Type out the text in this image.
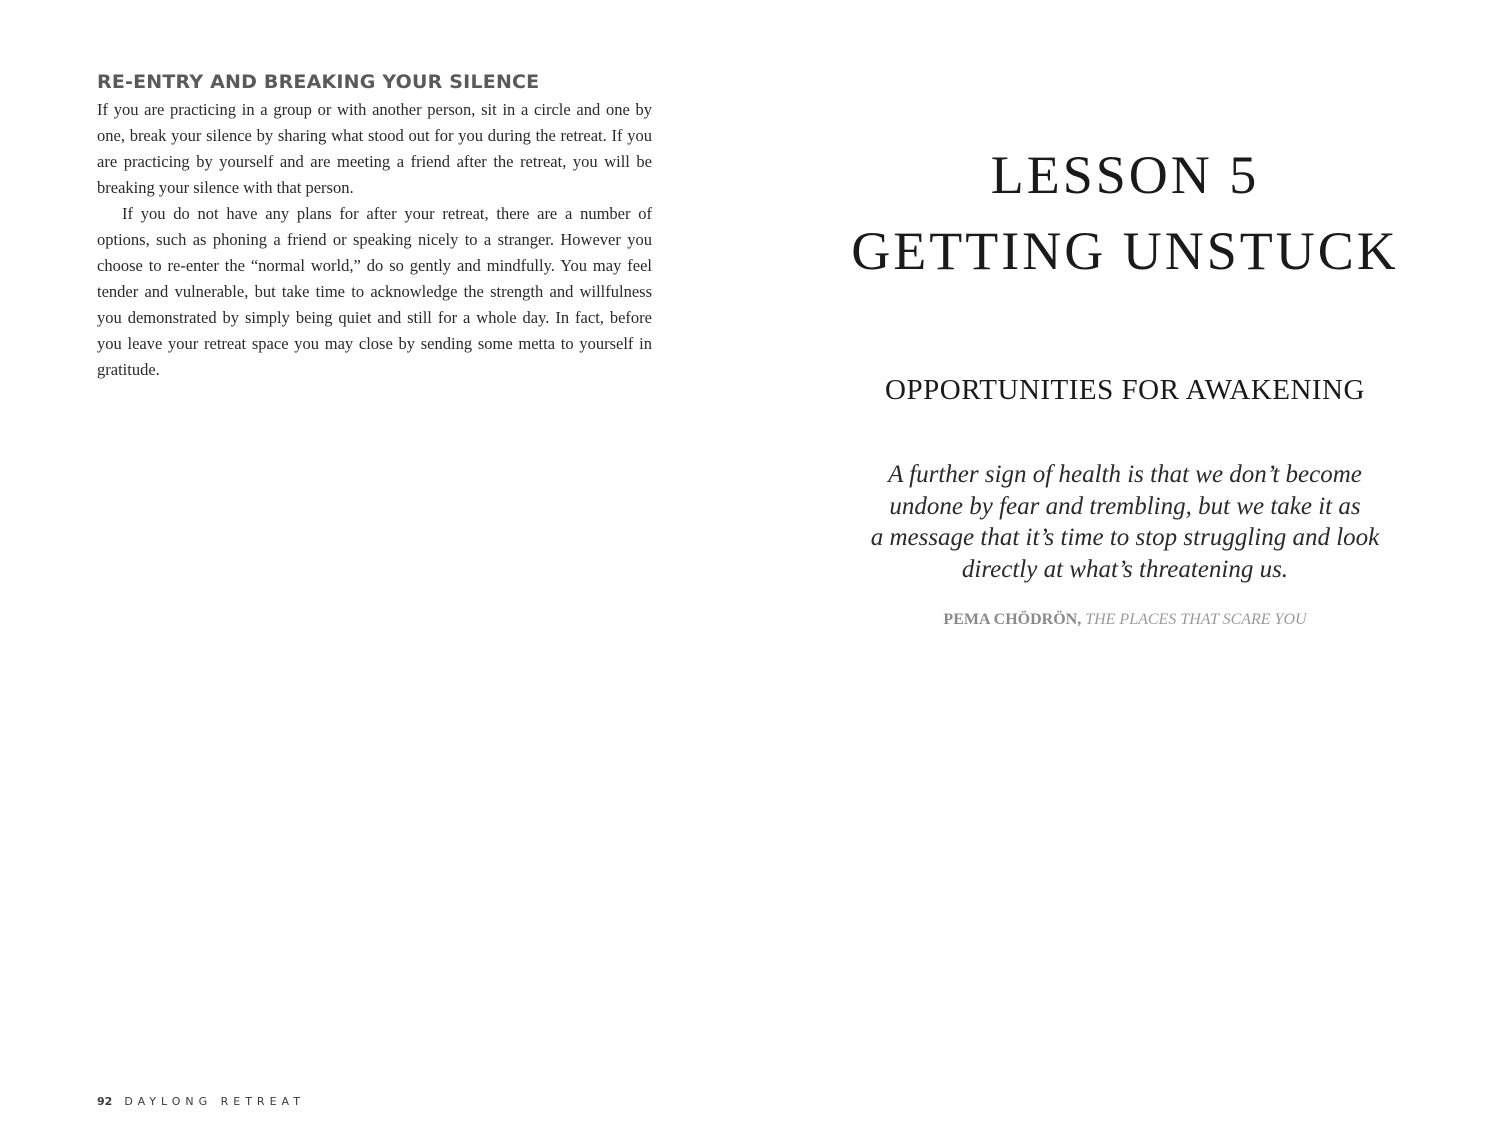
RE-ENTRY AND BREAKING YOUR SILENCE

If you are practicing in a group or with another person, sit in a circle and one by one, break your silence by sharing what stood out for you during the retreat. If you are practicing by yourself and are meeting a friend after the retreat, you will be breaking your silence with that person.

If you do not have any plans for after your retreat, there are a number of options, such as phoning a friend or speaking nicely to a stranger. However you choose to re-enter the “normal world,” do so gently and mindfully. You may feel tender and vulnerable, but take time to acknowledge the strength and willfulness you demonstrated by simply being quiet and still for a whole day. In fact, before you leave your retreat space you may close by sending some metta to yourself in gratitude.

92 DAYLONG RETREAT
LESSON 5
GETTING UNSTUCK
OPPORTUNITIES FOR AWAKENING
A further sign of health is that we don’t become
undone by fear and trembling, but we take it as
a message that it’s time to stop struggling and look
directly at what’s threatening us.
PEMA CHÖDRÖN, THE PLACES THAT SCARE YOU
